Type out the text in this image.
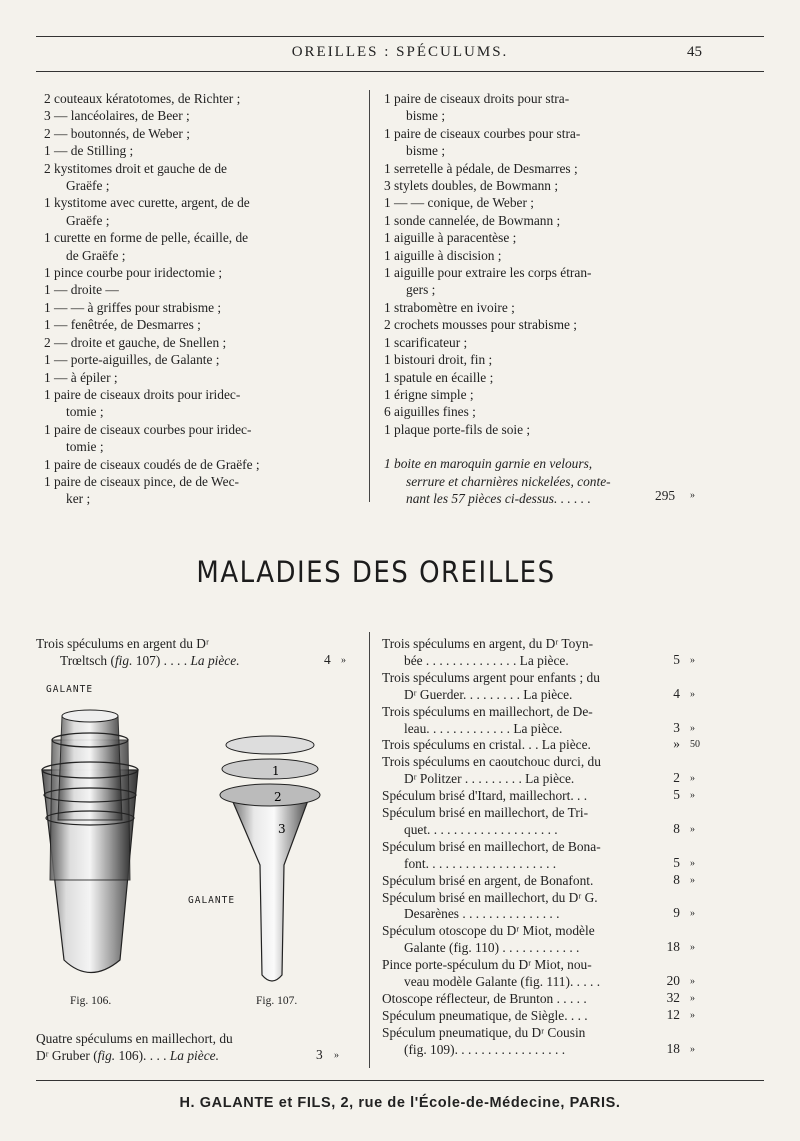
OREILLES : SPÉCULUMS.	45
2 couteaux kératotomes, de Richter ;
3 — lancéolaires, de Beer ;
2 — boutonnés, de Weber ;
1 — de Stilling ;
2 kystitomes droit et gauche de de
Graëfe ;
1 kystitome avec curette, argent, de de
Graëfe ;
1 curette en forme de pelle, écaille, de
de Graëfe ;
1 pince courbe pour iridectomie ;
1 — droite —
1 — — à griffes pour strabisme ;
1 — fenêtrée, de Desmarres ;
2 — droite et gauche, de Snellen ;
1 — porte-aiguilles, de Galante ;
1 — à épiler ;
1 paire de ciseaux droits pour iridec-
tomie ;
1 paire de ciseaux courbes pour iridec-
tomie ;
1 paire de ciseaux coudés de de Graëfe ;
1 paire de ciseaux pince, de de Wec-
ker ;
1 paire de ciseaux droits pour stra-
bisme ;
1 paire de ciseaux courbes pour stra-
bisme ;
1 serretelle à pédale, de Desmarres ;
3 stylets doubles, de Bowmann ;
1 — — conique, de Weber ;
1 sonde cannelée, de Bowmann ;
1 aiguille à paracentèse ;
1 aiguille à discision ;
1 aiguille pour extraire les corps étran-
gers ;
1 strabomètre en ivoire ;
2 crochets mousses pour strabisme ;
1 scarificateur ;
1 bistouri droit, fin ;
1 spatule en écaille ;
1 érigne simple ;
6 aiguilles fines ;
1 plaque porte-fils de soie ;
1 boite en maroquin garnie en velours,
serrure et charnières nickelées, conte-
nant les 57 pièces ci-dessus. . . . . .	295 »
MALADIES DES OREILLES
Trois spéculums en argent du Dʳ
Trœltsch (fig. 107) . . . . La pièce.	4 »
GALANTE
Fig. 106.
1
2
3
GALANTE
Fig. 107.
Quatre spéculums en maillechort, du
Dʳ Gruber (fig. 106). . . . La pièce.	3 »
Trois spéculums en argent, du Dʳ Toyn-
bée . . . . . . . . . . . . . . La pièce.	5 »
Trois spéculums argent pour enfants ; du
Dʳ Guerder. . . . . . . . . La pièce.	4 »
Trois spéculums en maillechort, de De-
leau. . . . . . . . . . . . . La pièce.	3 »
Trois spéculums en cristal. . . La pièce.	» 50
Trois spéculums en caoutchouc durci, du
Dʳ Politzer . . . . . . . . . La pièce.	2 »
Spéculum brisé d'Itard, maillechort. . .	5 »
Spéculum brisé en maillechort, de Tri-
quet. . . . . . . . . . . . . . . . . . . .	8 »
Spéculum brisé en maillechort, de Bona-
font. . . . . . . . . . . . . . . . . . . .	5 »
Spéculum brisé en argent, de Bonafont.	8 »
Spéculum brisé en maillechort, du Dʳ G.
Desarènes . . . . . . . . . . . . . . .	9 »
Spéculum otoscope du Dʳ Miot, modèle
Galante (fig. 110) . . . . . . . . . . . .	18 »
Pince porte-spéculum du Dʳ Miot, nou-
veau modèle Galante (fig. 111). . . . .	20 »
Otoscope réflecteur, de Brunton . . . . .	32 »
Spéculum pneumatique, de Siègle. . . .	12 »
Spéculum pneumatique, du Dʳ Cousin
(fig. 109). . . . . . . . . . . . . . . . .	18 »
H. GALANTE et FILS, 2, rue de l'École-de-Médecine, PARIS.
